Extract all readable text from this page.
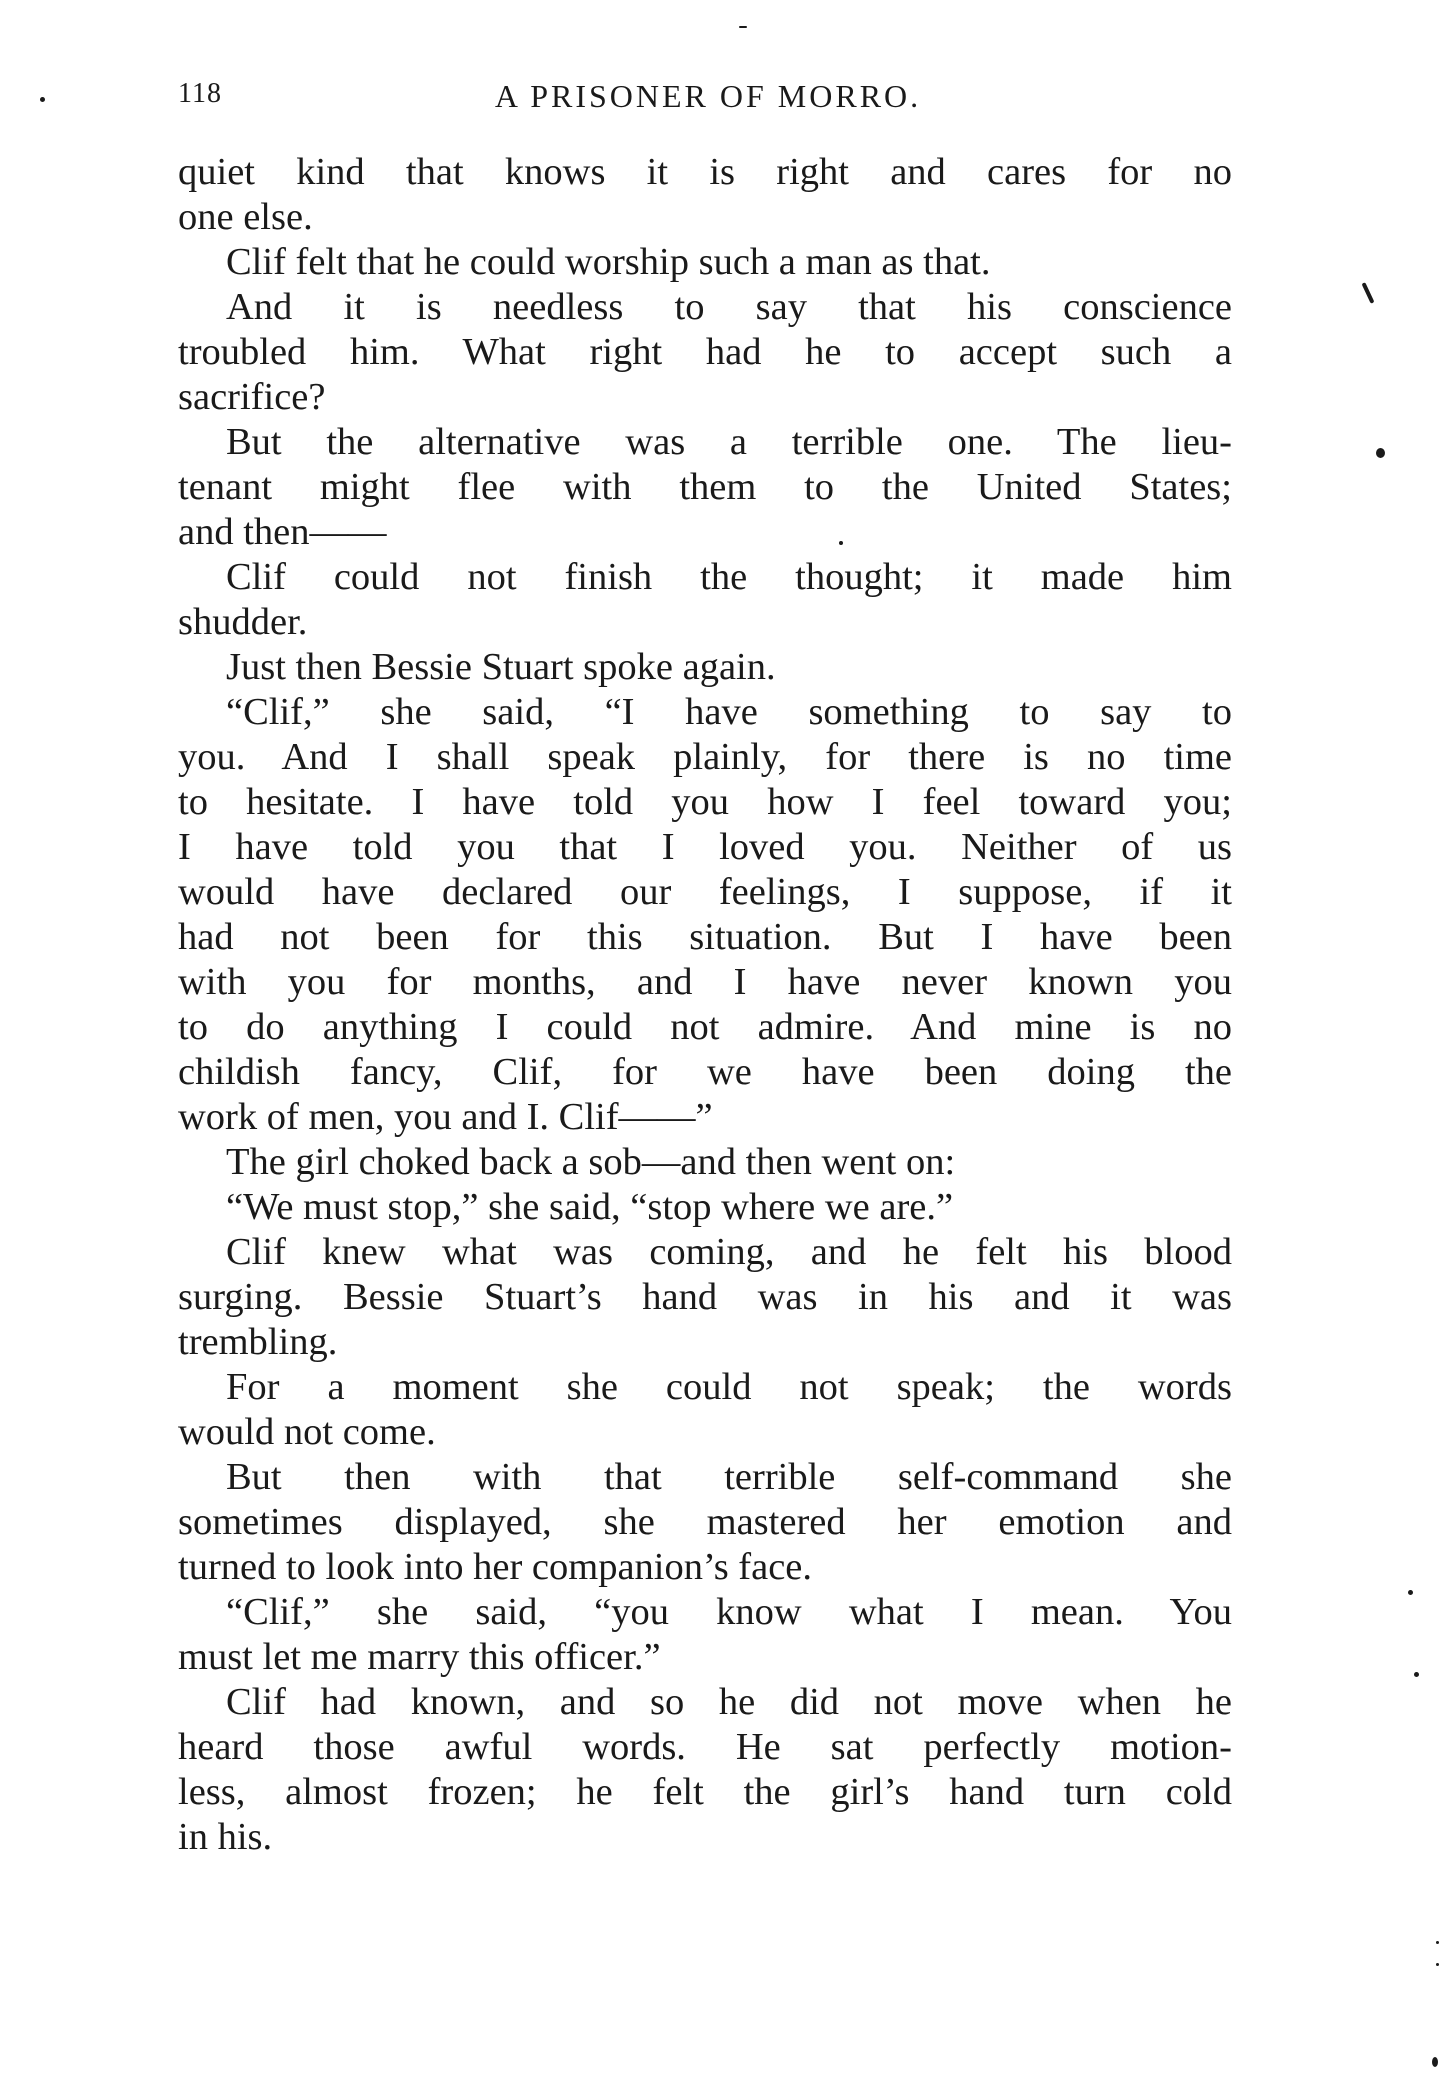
118	A PRISONER OF MORRO.
quiet kind that knows it is right and cares for no
one else.
Clif felt that he could worship such a man as that.
And it is needless to say that his conscience
troubled him. What right had he to accept such a
sacrifice?
But the alternative was a terrible one. The lieu-
tenant might flee with them to the United States;
and then——
Clif could not finish the thought; it made him
shudder.
Just then Bessie Stuart spoke again.
“Clif,” she said, “I have something to say to
you. And I shall speak plainly, for there is no time
to hesitate. I have told you how I feel toward you;
I have told you that I loved you. Neither of us
would have declared our feelings, I suppose, if it
had not been for this situation. But I have been
with you for months, and I have never known you
to do anything I could not admire. And mine is no
childish fancy, Clif, for we have been doing the
work of men, you and I. Clif——”
The girl choked back a sob—and then went on:
“We must stop,” she said, “stop where we are.”
Clif knew what was coming, and he felt his blood
surging. Bessie Stuart’s hand was in his and it was
trembling.
For a moment she could not speak; the words
would not come.
But then with that terrible self-command she
sometimes displayed, she mastered her emotion and
turned to look into her companion’s face.
“Clif,” she said, “you know what I mean. You
must let me marry this officer.”
Clif had known, and so he did not move when he
heard those awful words. He sat perfectly motion-
less, almost frozen; he felt the girl’s hand turn cold
in his.
